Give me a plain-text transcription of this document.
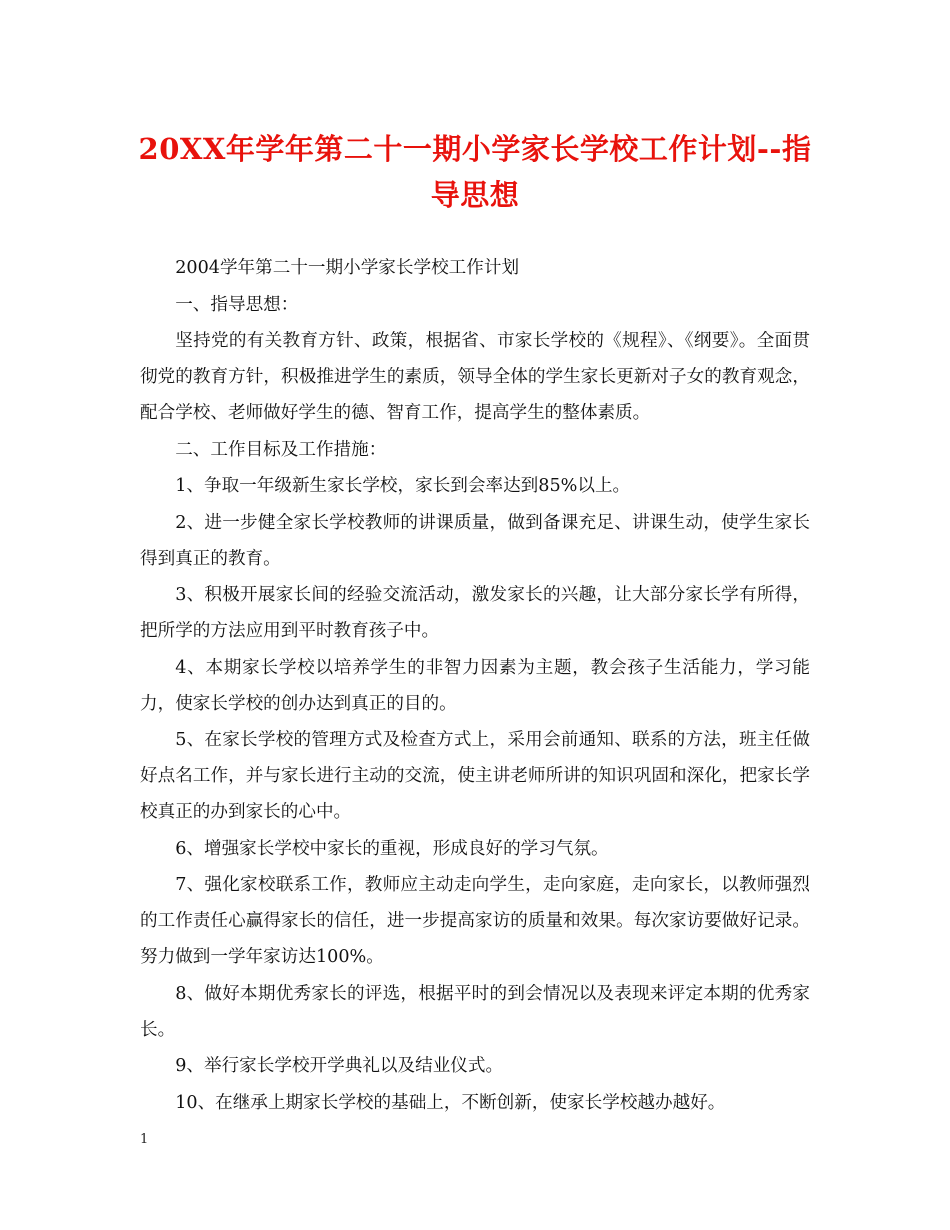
20XX年学年第二十一期小学家长学校工作计划--指导思想

2004学年第二十一期小学家长学校工作计划

一、指导思想：

坚持党的有关教育方针、政策，根据省、市家长学校的《规程》、《纲要》。全面贯彻党的教育方针，积极推进学生的素质，领导全体的学生家长更新对子女的教育观念，配合学校、老师做好学生的德、智育工作，提高学生的整体素质。

二、工作目标及工作措施：

1、争取一年级新生家长学校，家长到会率达到85%以上。

2、进一步健全家长学校教师的讲课质量，做到备课充足、讲课生动，使学生家长得到真正的教育。

3、积极开展家长间的经验交流活动，激发家长的兴趣，让大部分家长学有所得，把所学的方法应用到平时教育孩子中。

4、本期家长学校以培养学生的非智力因素为主题，教会孩子生活能力，学习能力，使家长学校的创办达到真正的目的。

5、在家长学校的管理方式及检查方式上，采用会前通知、联系的方法，班主任做好点名工作，并与家长进行主动的交流，使主讲老师所讲的知识巩固和深化，把家长学校真正的办到家长的心中。

6、增强家长学校中家长的重视，形成良好的学习气氛。

7、强化家校联系工作，教师应主动走向学生，走向家庭，走向家长，以教师强烈的工作责任心赢得家长的信任，进一步提高家访的质量和效果。每次家访要做好记录。努力做到一学年家访达100%。

8、做好本期优秀家长的评选，根据平时的到会情况以及表现来评定本期的优秀家长。

9、举行家长学校开学典礼以及结业仪式。

10、在继承上期家长学校的基础上，不断创新，使家长学校越办越好。

1
